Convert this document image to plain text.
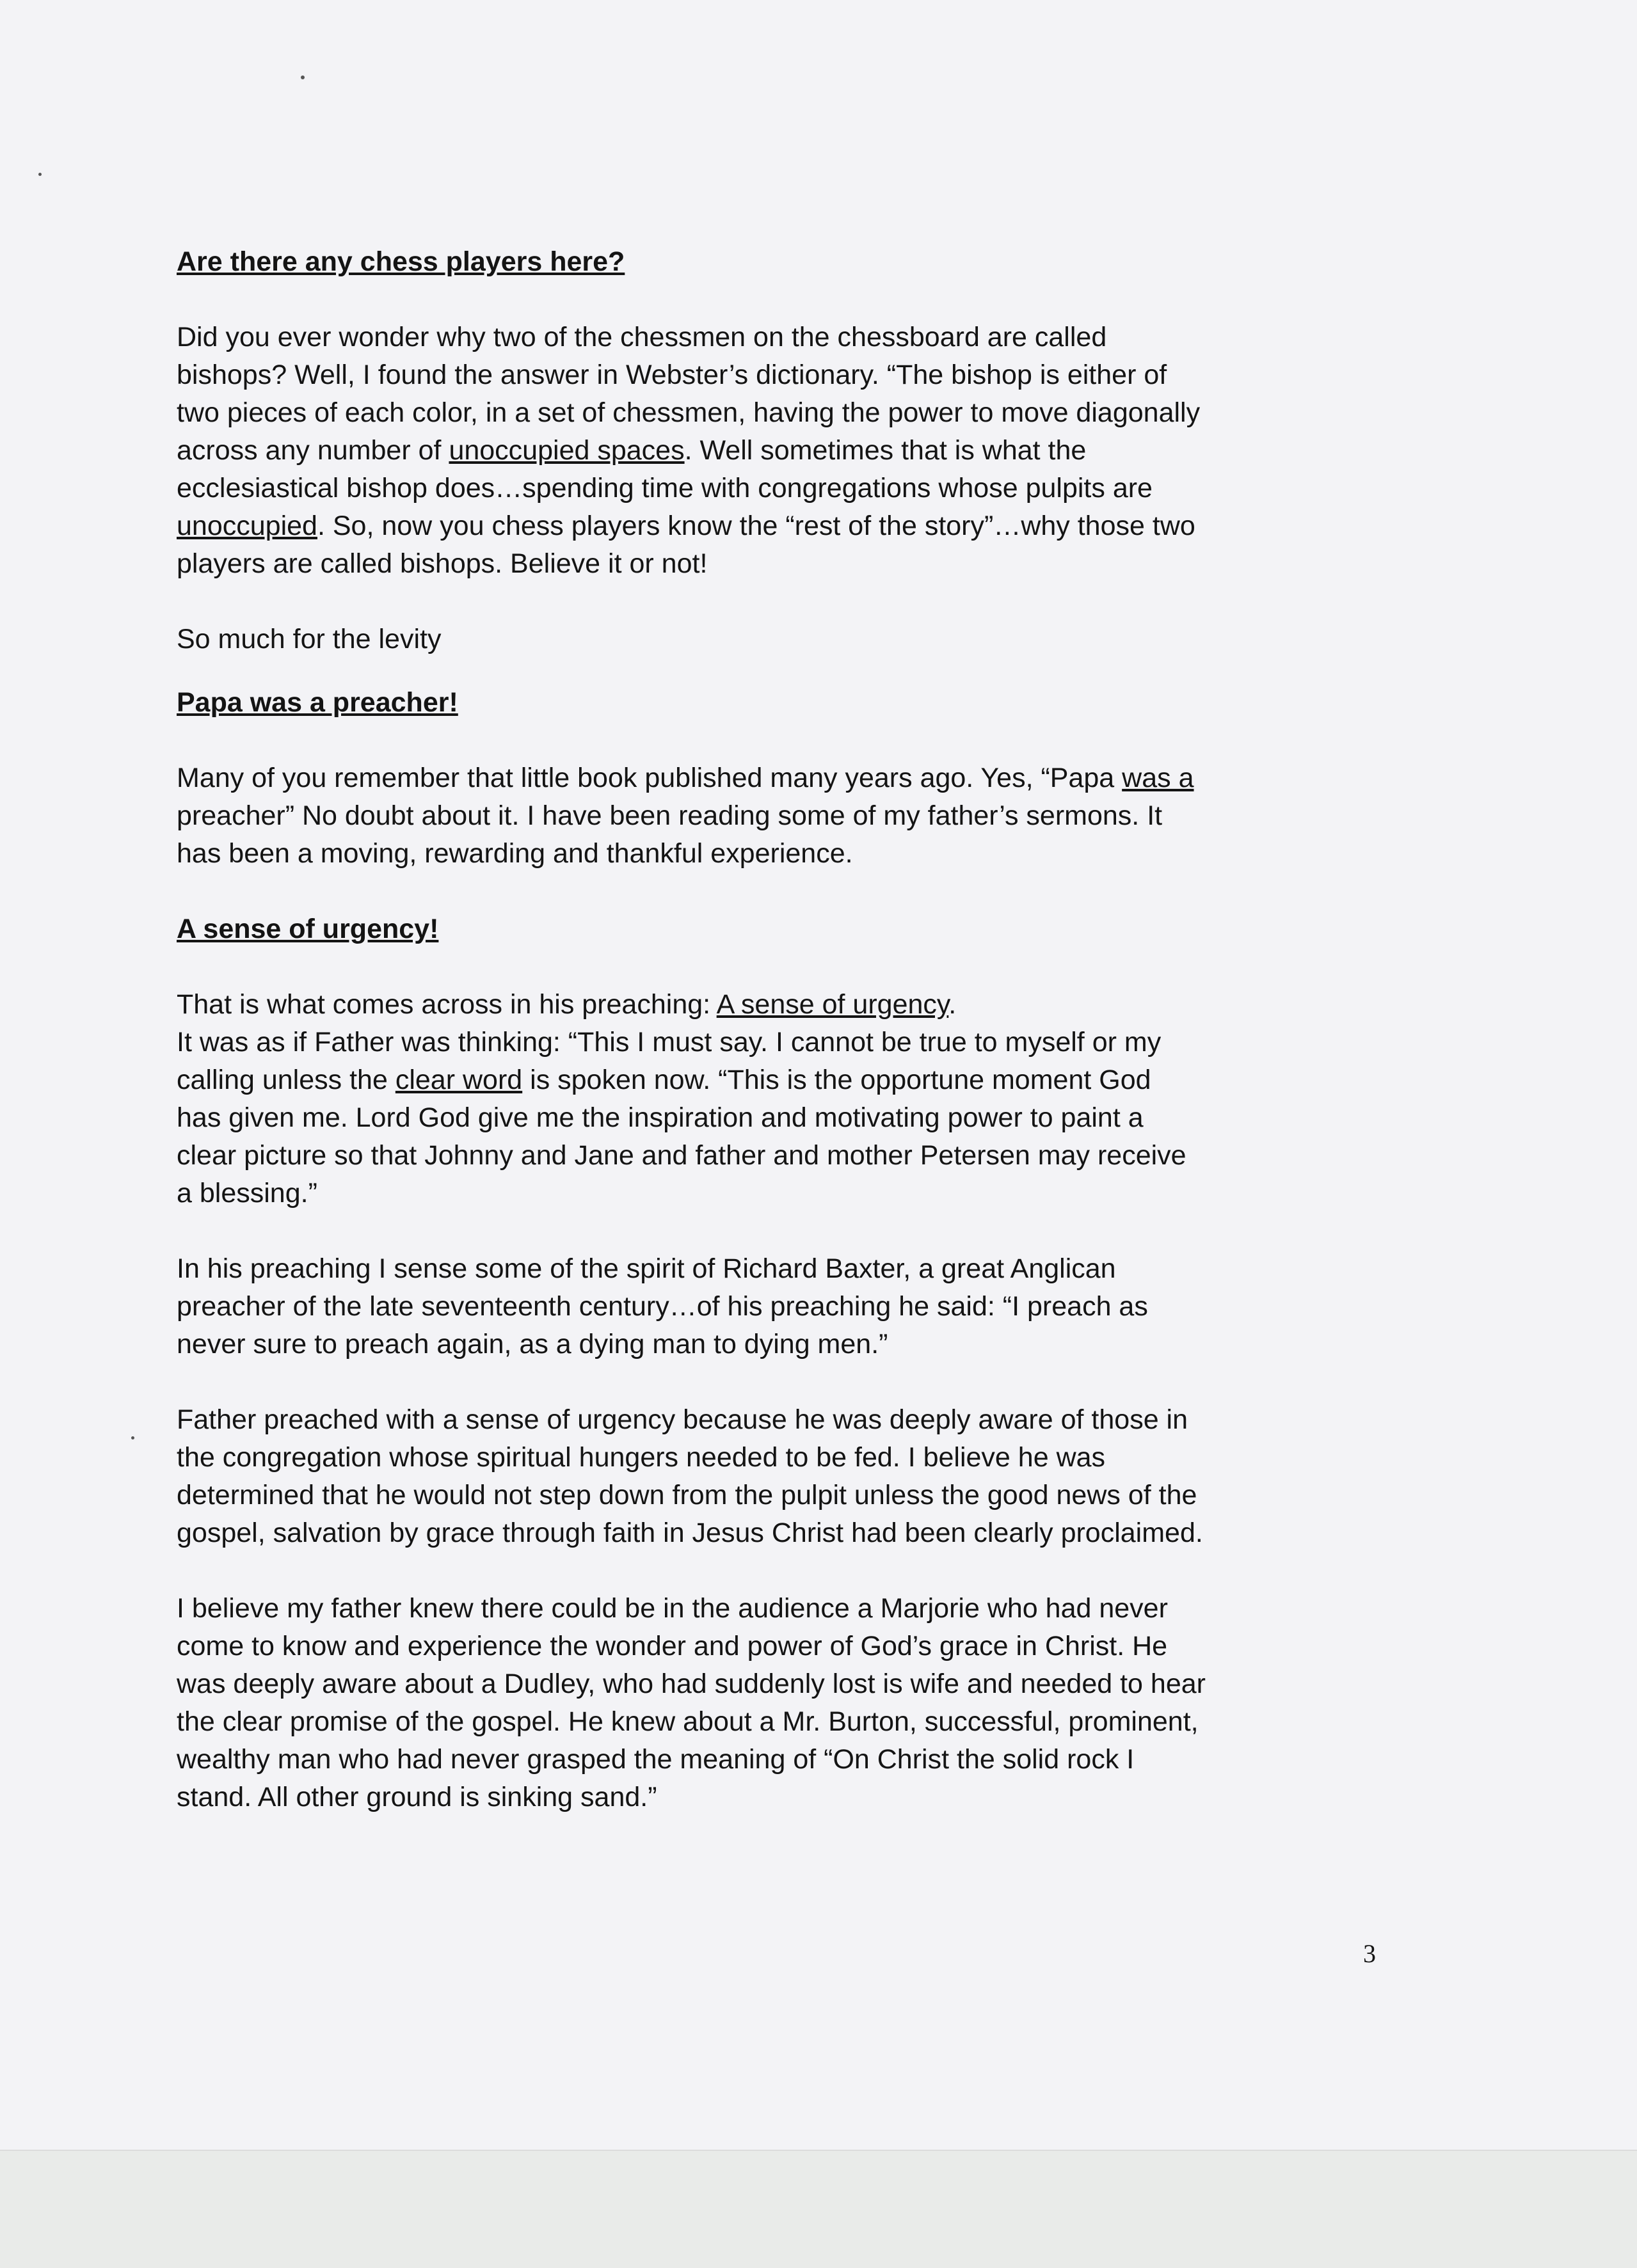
Are there any chess players here?

Did you ever wonder why two of the chessmen on the chessboard are called
bishops? Well, I found the answer in Webster’s dictionary. “The bishop is either of
two pieces of each color, in a set of chessmen, having the power to move diagonally
across any number of unoccupied spaces. Well sometimes that is what the
ecclesiastical bishop does…spending time with congregations whose pulpits are
unoccupied. So, now you chess players know the “rest of the story”…why those two
players are called bishops. Believe it or not!

So much for the levity

Papa was a preacher!

Many of you remember that little book published many years ago. Yes, “Papa was a
preacher” No doubt about it. I have been reading some of my father’s sermons. It
has been a moving, rewarding and thankful experience.

A sense of urgency!

That is what comes across in his preaching: A sense of urgency.
It was as if Father was thinking: “This I must say. I cannot be true to myself or my
calling unless the clear word is spoken now. “This is the opportune moment God
has given me. Lord God give me the inspiration and motivating power to paint a
clear picture so that Johnny and Jane and father and mother Petersen may receive
a blessing.”

In his preaching I sense some of the spirit of Richard Baxter, a great Anglican
preacher of the late seventeenth century…of his preaching he said: “I preach as
never sure to preach again, as a dying man to dying men.”

Father preached with a sense of urgency because he was deeply aware of those in
the congregation whose spiritual hungers needed to be fed. I believe he was
determined that he would not step down from the pulpit unless the good news of the
gospel, salvation by grace through faith in Jesus Christ had been clearly proclaimed.

I believe my father knew there could be in the audience a Marjorie who had never
come to know and experience the wonder and power of God’s grace in Christ. He
was deeply aware about a Dudley, who had suddenly lost is wife and needed to hear
the clear promise of the gospel. He knew about a Mr. Burton, successful, prominent,
wealthy man who had never grasped the meaning of “On Christ the solid rock I
stand. All other ground is sinking sand.”

3
